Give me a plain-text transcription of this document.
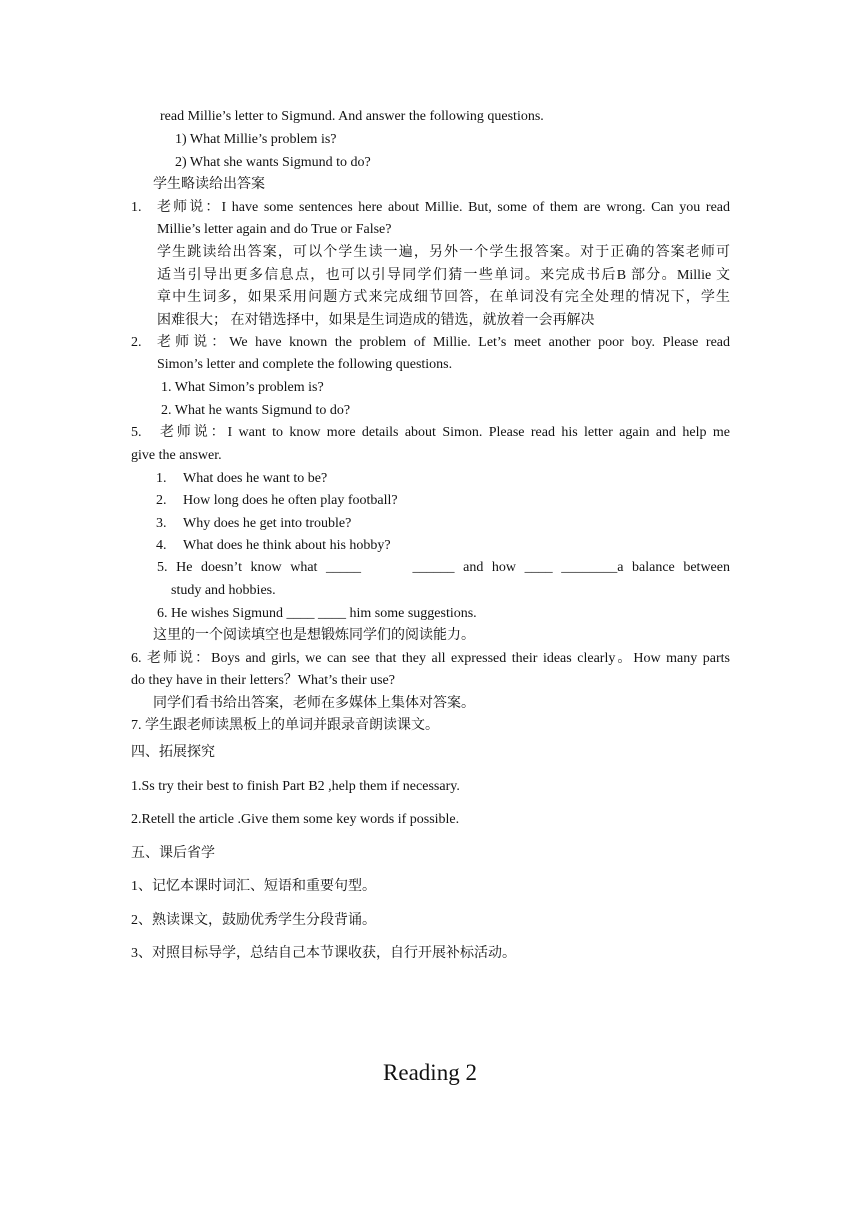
read Millie’s letter to Sigmund. And answer the following questions.
1) What Millie’s problem is?
2) What she wants Sigmund to do?
学生略读给出答案
1. 老师说：I have some sentences here about Millie. But, some of them are wrong. Can you read
Millie’s letter again and do True or False?
学生跳读给出答案，可以个学生读一遍，另外一个学生报答案。对于正确的答案老师可
适当引导出更多信息点，也可以引导同学们猜一些单词。来完成书后B 部分。Millie 文
章中生词多，如果采用问题方式来完成细节回答，在单词没有完全处理的情况下，学生
困难很大； 在对错选择中，如果是生词造成的错选，就放着一会再解决
2. 老师说：We have known the problem of Millie. Let’s meet another poor boy. Please read
Simon’s letter and complete the following questions.
1. What Simon’s problem is?
2. What he wants Sigmund to do?
5. 老师说：I want to know more details about Simon. Please read his letter again and help me
give the answer.
1. What does he want to be?
2. How long does he often play football?
3. Why does he get into trouble?
4. What does he think about his hobby?
5. He doesn’t know what _____      ______ and how ____ ________a balance between
study and hobbies.
6. He wishes Sigmund ____ ____ him some suggestions.
这里的一个阅读填空也是想锻炼同学们的阅读能力。
6. 老师说：Boys and girls, we can see that they all expressed their ideas clearly。How many parts
do they have in their letters？What’s their use?
同学们看书给出答案，老师在多媒体上集体对答案。
7. 学生跟老师读黑板上的单词并跟录音朗读课文。
四、拓展探究
1.Ss try their best to finish Part B2 ,help them if necessary.
2.Retell the article .Give them some key words if possible.
五、课后省学
1、记忆本课时词汇、短语和重要句型。
2、熟读课文，鼓励优秀学生分段背诵。
3、对照目标导学，总结自己本节课收获，自行开展补标活动。
Reading 2
